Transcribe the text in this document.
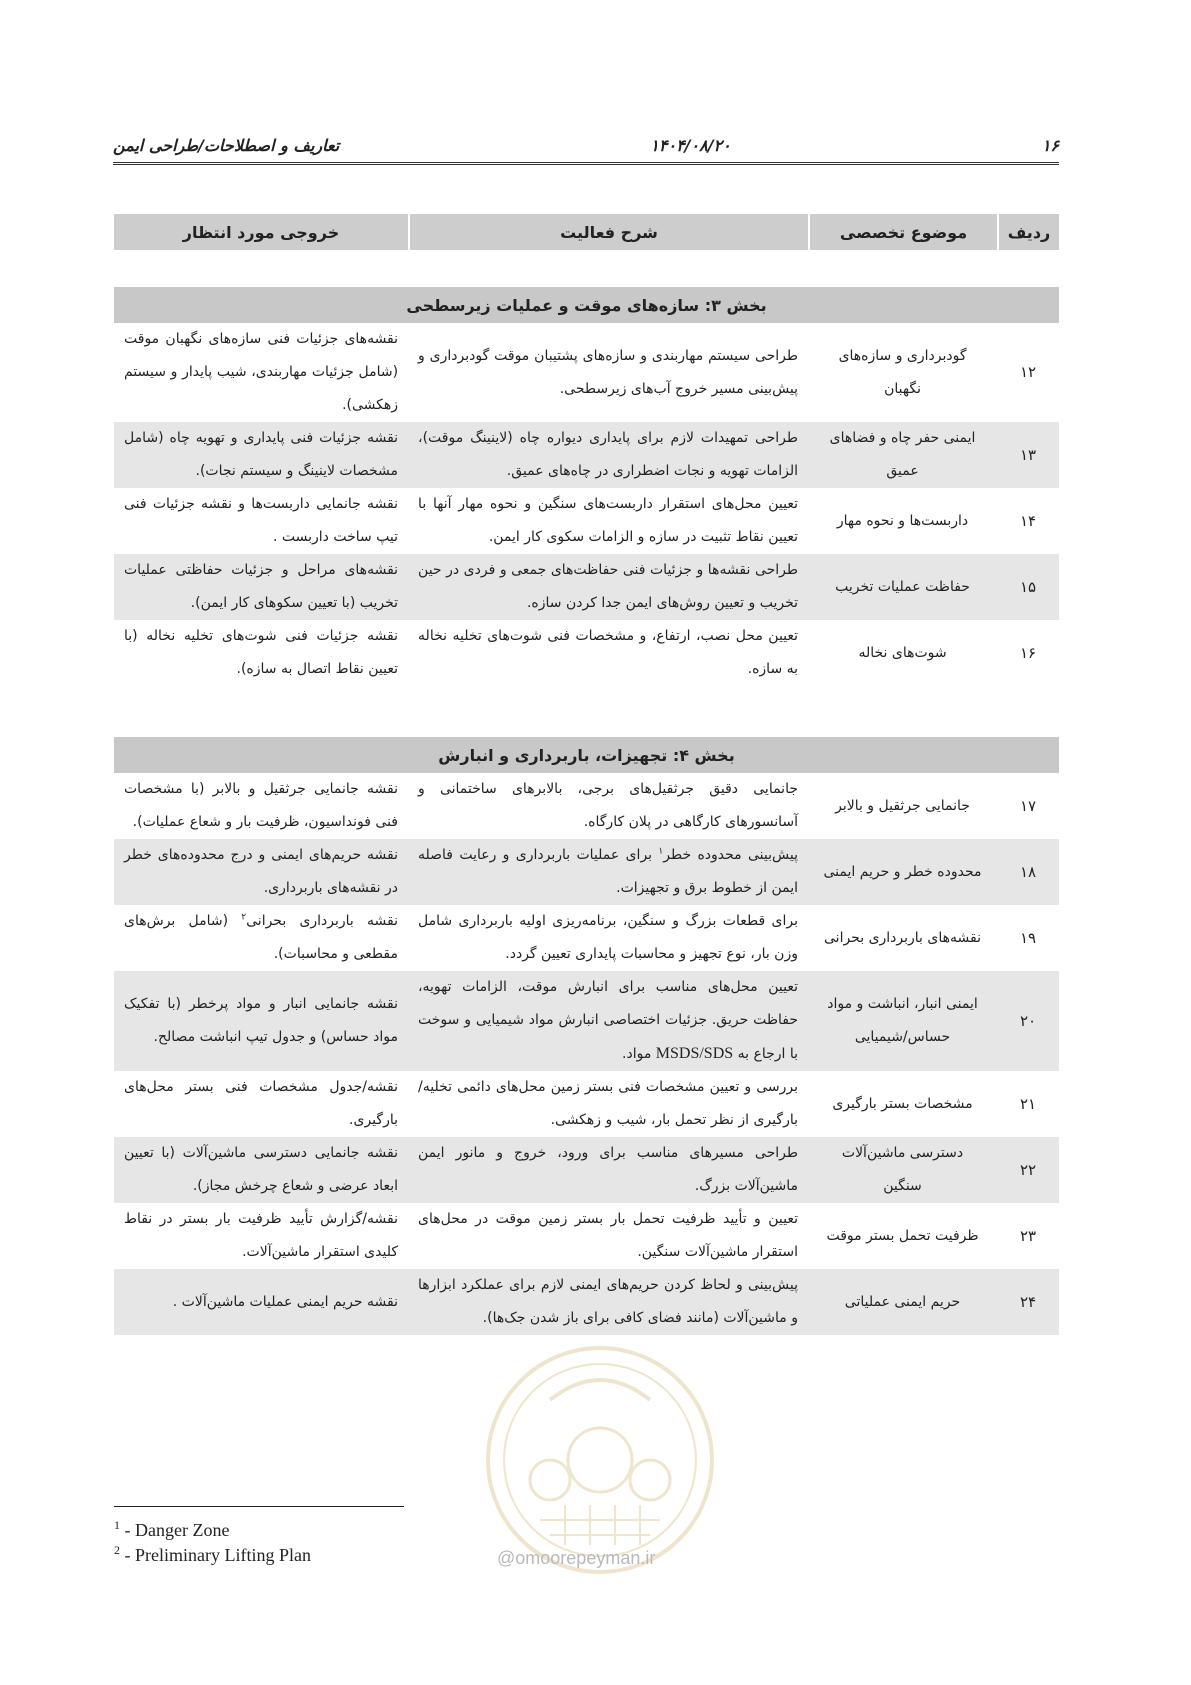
۱۶
۱۴۰۴/۰۸/۲۰
تعاریف و اصطلاحات/طراحی ایمن
ردیف	موضوع تخصصی	شرح فعالیت	خروجی مورد انتظار
بخش ۳: سازه‌های موقت و عملیات زیرسطحی			
۱۲	گودبرداری و سازه‌های نگهبان	طراحی سیستم مهاربندی و سازه‌های پشتیبان موقت گودبرداری و پیش‌بینی مسیر خروج آب‌های زیرسطحی.	نقشه‌های جزئیات فنی سازه‌های نگهبان موقت (شامل جزئیات مهاربندی، شیب پایدار و سیستم زهکشی).
۱۳	ایمنی حفر چاه و فضاهای عمیق	طراحی تمهیدات لازم برای پایداری دیواره چاه (لاینینگ موقت)، الزامات تهویه و نجات اضطراری در چاه‌های عمیق.	نقشه جزئیات فنی پایداری و تهویه چاه (شامل مشخصات لاینینگ و سیستم نجات).
۱۴	داربست‌ها و نحوه مهار	تعیین محل‌های استقرار داربست‌های سنگین و نحوه مهار آنها با تعیین نقاط تثبیت در سازه و الزامات سکوی کار ایمن.	نقشه جانمایی داربست‌ها و نقشه جزئیات فنی تیپ ساخت داربست .
۱۵	حفاظت عملیات تخریب	طراحی نقشه‌ها و جزئیات فنی حفاظت‌های جمعی و فردی در حین تخریب و تعیین روش‌های ایمن جدا کردن سازه.	نقشه‌های مراحل و جزئیات حفاظتی عملیات تخریب (با تعیین سکوهای کار ایمن).
۱۶	شوت‌های نخاله	تعیین محل نصب، ارتفاع، و مشخصات فنی شوت‌های تخلیه نخاله به سازه.	نقشه جزئیات فنی شوت‌های تخلیه نخاله (با تعیین نقاط اتصال به سازه).
بخش ۴: تجهیزات، باربرداری و انبارش			
۱۷	جانمایی جرثقیل و بالابر	جانمایی دقیق جرثقیل‌های برجی، بالابرهای ساختمانی و آسانسورهای کارگاهی در پلان کارگاه.	نقشه جانمایی جرثقیل و بالابر (با مشخصات فنی فونداسیون، ظرفیت بار و شعاع عملیات).
۱۸	محدوده خطر و حریم ایمنی	پیش‌بینی محدوده خطر$^۱$ برای عملیات باربرداری و رعایت فاصله ایمن از خطوط برق و تجهیزات.	نقشه حریم‌های ایمنی و درج محدوده‌های خطر در نقشه‌های باربرداری.
۱۹	نقشه‌های باربرداری بحرانی	برای قطعات بزرگ و سنگین، برنامه‌ریزی اولیه باربرداری شامل وزن بار، نوع تجهیز و محاسبات پایداری تعیین گردد.	نقشه باربرداری بحرانی$^۲$ (شامل برش‌های مقطعی و محاسبات).
۲۰	ایمنی انبار، انباشت و مواد حساس/شیمیایی	تعیین محل‌های مناسب برای انبارش موقت، الزامات تهویه، حفاظت حریق. جزئیات اختصاصی انبارش مواد شیمیایی و سوخت با ارجاع به MSDS/SDS مواد.	نقشه جانمایی انبار و مواد پرخطر (با تفکیک مواد حساس) و جدول تیپ انباشت مصالح.
۲۱	مشخصات بستر بارگیری	بررسی و تعیین مشخصات فنی بستر زمین محل‌های دائمی تخلیه/بارگیری از نظر تحمل بار، شیب و زهکشی.	نقشه/جدول مشخصات فنی بستر محل‌های بارگیری.
۲۲	دسترسی ماشین‌آلات سنگین	طراحی مسیرهای مناسب برای ورود، خروج و مانور ایمن ماشین‌آلات بزرگ.	نقشه جانمایی دسترسی ماشین‌آلات (با تعیین ابعاد عرضی و شعاع چرخش مجاز).
۲۳	ظرفیت تحمل بستر موقت	تعیین و تأیید ظرفیت تحمل بار بستر زمین موقت در محل‌های استقرار ماشین‌آلات سنگین.	نقشه/گزارش تأیید ظرفیت بار بستر در نقاط کلیدی استقرار ماشین‌آلات.
۲۴	حریم ایمنی عملیاتی	پیش‌بینی و لحاظ کردن حریم‌های ایمنی لازم برای عملکرد ابزارها و ماشین‌آلات (مانند فضای کافی برای باز شدن جک‌ها).	نقشه حریم ایمنی عملیات ماشین‌آلات .
@omoorepeyman.ir
$^1$ - Danger Zone
$^2$ - Preliminary Lifting Plan
